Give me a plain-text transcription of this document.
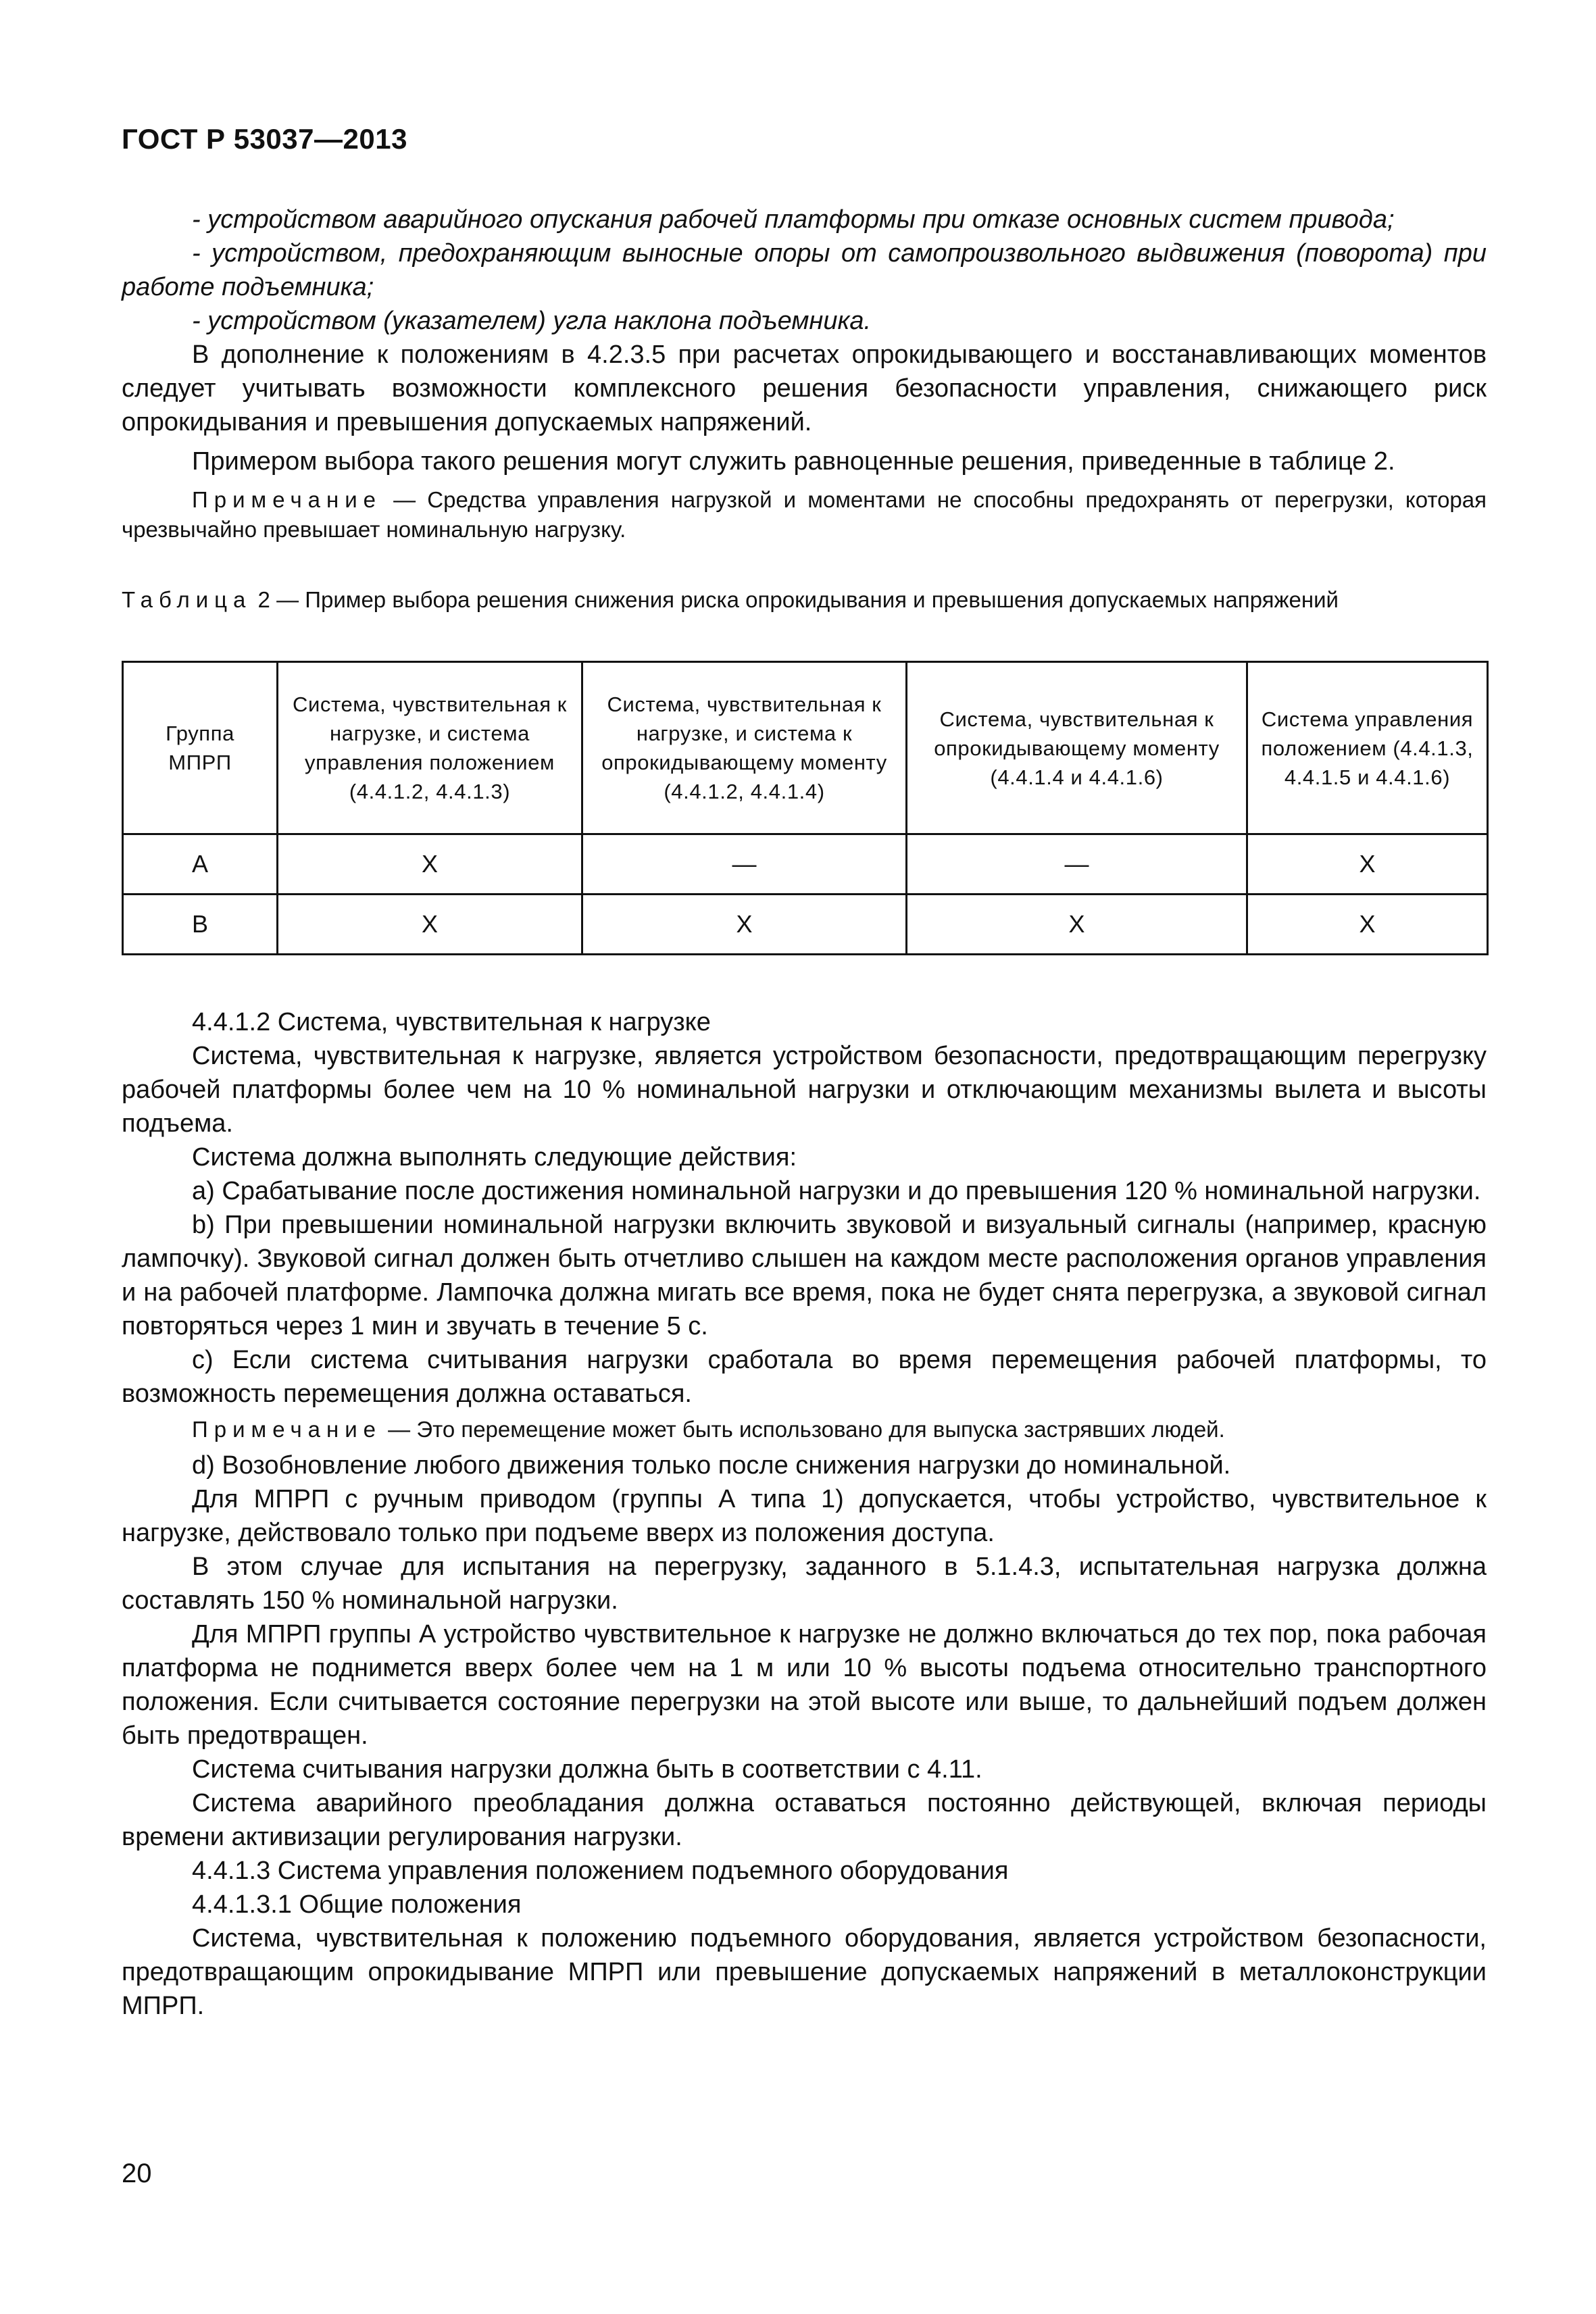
ГОСТ Р 53037—2013

- устройством аварийного опускания рабочей платформы при отказе основных систем привода;

- устройством, предохраняющим выносные опоры от самопроизвольного выдвижения (поворота) при работе подъемника;

- устройством (указателем) угла наклона подъемника.

В дополнение к положениям в 4.2.3.5 при расчетах опрокидывающего и восстанавливающих моментов следует учитывать возможности комплексного решения безопасности управления, снижающего риск опрокидывания и превышения допускаемых напряжений.

Примером выбора такого решения могут служить равноценные решения, приведенные в таблице 2.

Примечание — Средства управления нагрузкой и моментами не способны предохранять от перегрузки, которая чрезвычайно превышает номинальную нагрузку.

Таблица 2 — Пример выбора решения снижения риска опрокидывания и превышения допускаемых напряжений

Группа МПРП	Система, чувствительная к нагрузке, и система управления положением (4.4.1.2, 4.4.1.3)	Система, чувствительная к нагрузке, и система к опрокидывающему моменту (4.4.1.2, 4.4.1.4)	Система, чувствительная к опрокидывающему моменту (4.4.1.4 и 4.4.1.6)	Система управления положением (4.4.1.3, 4.4.1.5 и 4.4.1.6)
А	Х	—	—	Х
В	Х	Х	Х	Х

4.4.1.2 Система, чувствительная к нагрузке

Система, чувствительная к нагрузке, является устройством безопасности, предотвращающим перегрузку рабочей платформы более чем на 10 % номинальной нагрузки и отключающим механизмы вылета и высоты подъема.

Система должна выполнять следующие действия:

a) Срабатывание после достижения номинальной нагрузки и до превышения 120 % номинальной нагрузки.

b) При превышении номинальной нагрузки включить звуковой и визуальный сигналы (например, красную лампочку). Звуковой сигнал должен быть отчетливо слышен на каждом месте расположения органов управления и на рабочей платформе. Лампочка должна мигать все время, пока не будет снята перегрузка, а звуковой сигнал повторяться через 1 мин и звучать в течение 5 с.

c) Если система считывания нагрузки сработала во время перемещения рабочей платформы, то возможность перемещения должна оставаться.

Примечание — Это перемещение может быть использовано для выпуска застрявших людей.

d) Возобновление любого движения только после снижения нагрузки до номинальной.

Для МПРП с ручным приводом (группы А типа 1) допускается, чтобы устройство, чувствительное к нагрузке, действовало только при подъеме вверх из положения доступа.

В этом случае для испытания на перегрузку, заданного в 5.1.4.3, испытательная нагрузка должна составлять 150 % номинальной нагрузки.

Для МПРП группы А устройство чувствительное к нагрузке не должно включаться до тех пор, пока рабочая платформа не поднимется вверх более чем на 1 м или 10 % высоты подъема относительно транспортного положения. Если считывается состояние перегрузки на этой высоте или выше, то дальнейший подъем должен быть предотвращен.

Система считывания нагрузки должна быть в соответствии с 4.11.

Система аварийного преобладания должна оставаться постоянно действующей, включая периоды времени активизации регулирования нагрузки.

4.4.1.3 Система управления положением подъемного оборудования

4.4.1.3.1 Общие положения

Система, чувствительная к положению подъемного оборудования, является устройством безопасности, предотвращающим опрокидывание МПРП или превышение допускаемых напряжений в металлоконструкции МПРП.

20
